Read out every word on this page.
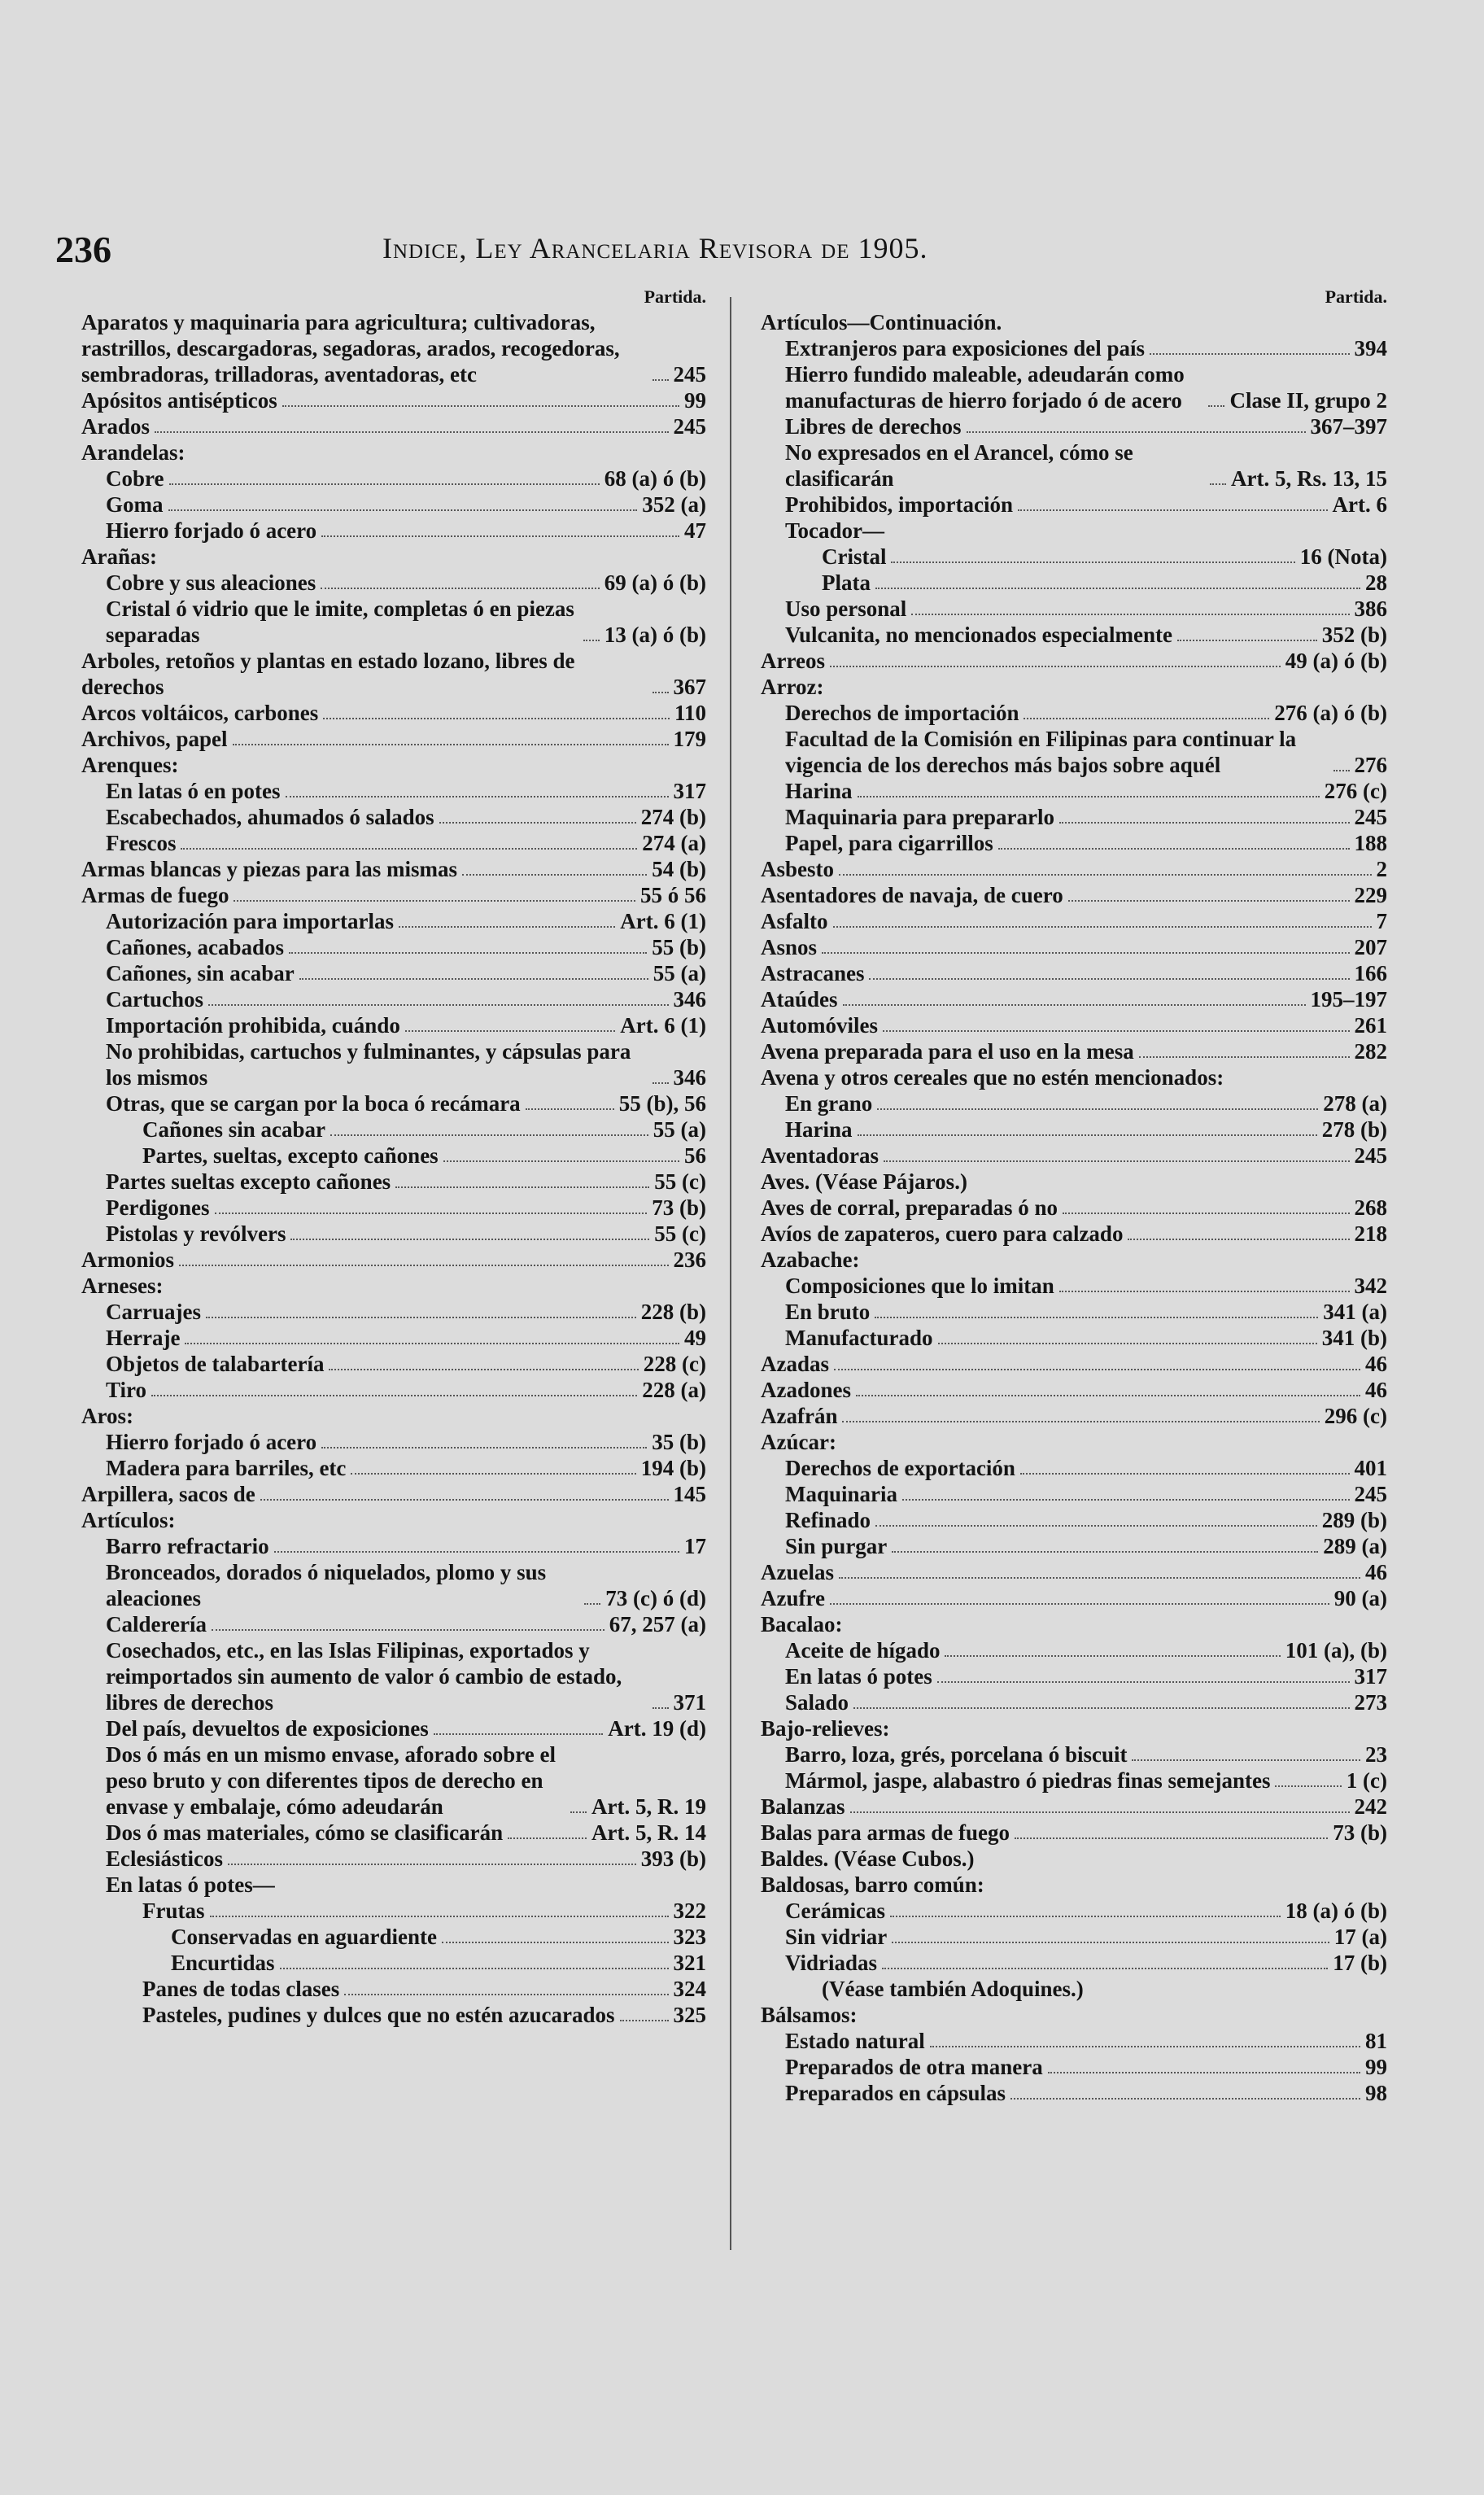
236	Indice, Ley Arancelaria Revisora de 1905.
Partida.
Aparatos y maquinaria para agricultura; cultivadoras, rastrillos, descargadoras, segadoras, arados, recogedoras, sembradoras, trilladoras, aventadoras, etc	245
Apósitos antisépticos	99
Arados	245
Arandelas:
Cobre	68 (a) ó (b)
Goma	352 (a)
Hierro forjado ó acero	47
Arañas:
Cobre y sus aleaciones	69 (a) ó (b)
Cristal ó vidrio que le imite, completas ó en piezas separadas	13 (a) ó (b)
Arboles, retoños y plantas en estado lozano, libres de derechos	367
Arcos voltáicos, carbones	110
Archivos, papel	179
Arenques:
En latas ó en potes	317
Escabechados, ahumados ó salados	274 (b)
Frescos	274 (a)
Armas blancas y piezas para las mismas	54 (b)
Armas de fuego	55 ó 56
Autorización para importarlas	Art. 6 (1)
Cañones, acabados	55 (b)
Cañones, sin acabar	55 (a)
Cartuchos	346
Importación prohibida, cuándo	Art. 6 (1)
No prohibidas, cartuchos y fulminantes, y cápsulas para los mismos	346
Otras, que se cargan por la boca ó recámara	55 (b), 56
Cañones sin acabar	55 (a)
Partes, sueltas, excepto cañones	56
Partes sueltas excepto cañones	55 (c)
Perdigones	73 (b)
Pistolas y revólvers	55 (c)
Armonios	236
Arneses:
Carruajes	228 (b)
Herraje	49
Objetos de talabartería	228 (c)
Tiro	228 (a)
Aros:
Hierro forjado ó acero	35 (b)
Madera para barriles, etc	194 (b)
Arpillera, sacos de	145
Artículos:
Barro refractario	17
Bronceados, dorados ó niquelados, plomo y sus aleaciones	73 (c) ó (d)
Calderería	67, 257 (a)
Cosechados, etc., en las Islas Filipinas, exportados y reimportados sin aumento de valor ó cambio de estado, libres de derechos	371
Del país, devueltos de exposiciones	Art. 19 (d)
Dos ó más en un mismo envase, aforado sobre el peso bruto y con diferentes tipos de derecho en envase y embalaje, cómo adeudarán	Art. 5, R. 19
Dos ó mas materiales, cómo se clasificarán	Art. 5, R. 14
Eclesiásticos	393 (b)
En latas ó potes—
Frutas	322
Conservadas en aguardiente	323
Encurtidas	321
Panes de todas clases	324
Pasteles, pudines y dulces que no estén azucarados	325
Partida.
Artículos—Continuación.
Extranjeros para exposiciones del país	394
Hierro fundido maleable, adeudarán como manufacturas de hierro forjado ó de acero	Clase II, grupo 2
Libres de derechos	367–397
No expresados en el Arancel, cómo se clasificarán	Art. 5, Rs. 13, 15
Prohibidos, importación	Art. 6
Tocador—
Cristal	16 (Nota)
Plata	28
Uso personal	386
Vulcanita, no mencionados especialmente	352 (b)
Arreos	49 (a) ó (b)
Arroz:
Derechos de importación	276 (a) ó (b)
Facultad de la Comisión en Filipinas para continuar la vigencia de los derechos más bajos sobre aquél	276
Harina	276 (c)
Maquinaria para prepararlo	245
Papel, para cigarrillos	188
Asbesto	2
Asentadores de navaja, de cuero	229
Asfalto	7
Asnos	207
Astracanes	166
Ataúdes	195–197
Automóviles	261
Avena preparada para el uso en la mesa	282
Avena y otros cereales que no estén mencionados:
En grano	278 (a)
Harina	278 (b)
Aventadoras	245
Aves. (Véase Pájaros.)
Aves de corral, preparadas ó no	268
Avíos de zapateros, cuero para calzado	218
Azabache:
Composiciones que lo imitan	342
En bruto	341 (a)
Manufacturado	341 (b)
Azadas	46
Azadones	46
Azafrán	296 (c)
Azúcar:
Derechos de exportación	401
Maquinaria	245
Refinado	289 (b)
Sin purgar	289 (a)
Azuelas	46
Azufre	90 (a)
Bacalao:
Aceite de hígado	101 (a), (b)
En latas ó potes	317
Salado	273
Bajo-relieves:
Barro, loza, grés, porcelana ó biscuit	23
Mármol, jaspe, alabastro ó piedras finas semejantes	1 (c)
Balanzas	242
Balas para armas de fuego	73 (b)
Baldes. (Véase Cubos.)
Baldosas, barro común:
Cerámicas	18 (a) ó (b)
Sin vidriar	17 (a)
Vidriadas	17 (b)
(Véase también Adoquines.)
Bálsamos:
Estado natural	81
Preparados de otra manera	99
Preparados en cápsulas	98
